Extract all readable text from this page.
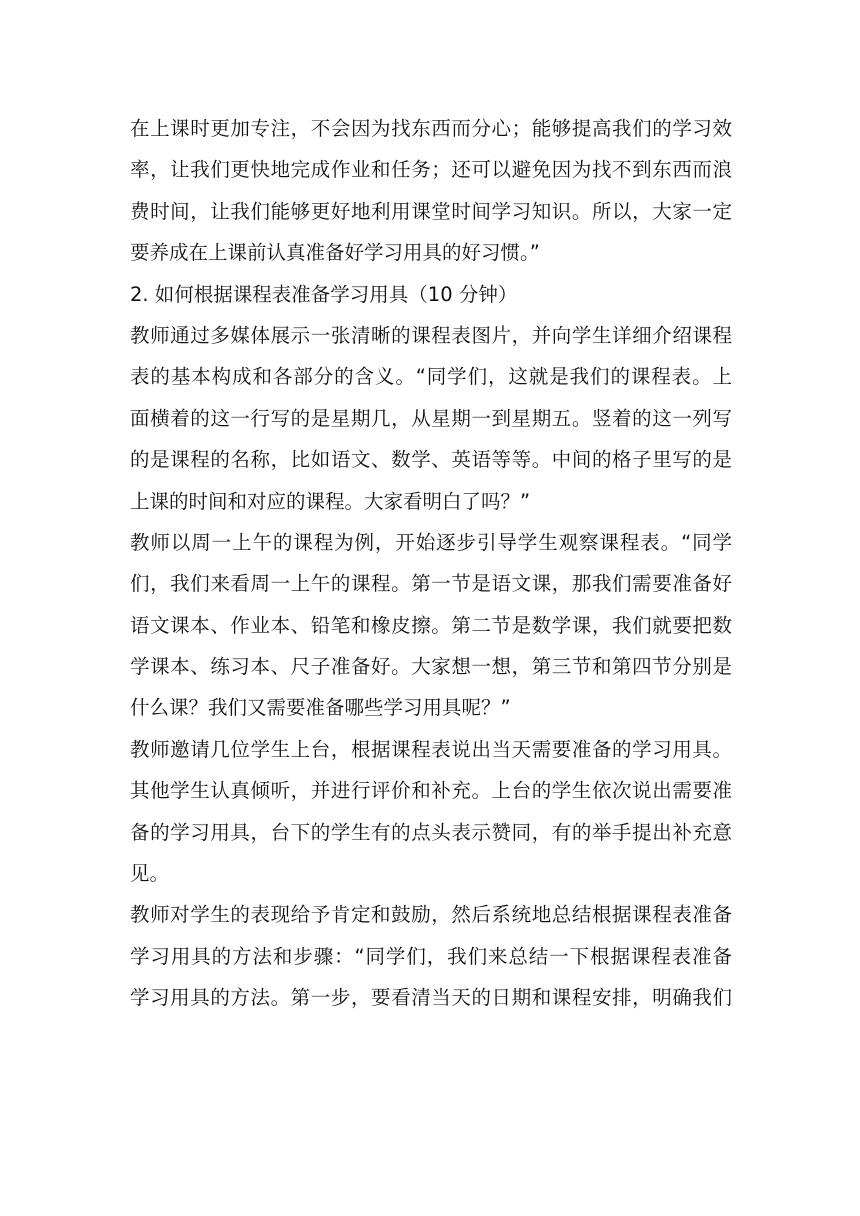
在上课时更加专注，不会因为找东西而分心；能够提高我们的学习效
率，让我们更快地完成作业和任务；还可以避免因为找不到东西而浪
费时间，让我们能够更好地利用课堂时间学习知识。所以，大家一定
要养成在上课前认真准备好学习用具的好习惯。”
2. 如何根据课程表准备学习用具（10 分钟）
教师通过多媒体展示一张清晰的课程表图片，并向学生详细介绍课程
表的基本构成和各部分的含义。“同学们，这就是我们的课程表。上
面横着的这一行写的是星期几，从星期一到星期五。竖着的这一列写
的是课程的名称，比如语文、数学、英语等等。中间的格子里写的是
上课的时间和对应的课程。大家看明白了吗？”
教师以周一上午的课程为例，开始逐步引导学生观察课程表。“同学
们，我们来看周一上午的课程。第一节是语文课，那我们需要准备好
语文课本、作业本、铅笔和橡皮擦。第二节是数学课，我们就要把数
学课本、练习本、尺子准备好。大家想一想，第三节和第四节分别是
什么课？我们又需要准备哪些学习用具呢？”
教师邀请几位学生上台，根据课程表说出当天需要准备的学习用具。
其他学生认真倾听，并进行评价和补充。上台的学生依次说出需要准
备的学习用具，台下的学生有的点头表示赞同，有的举手提出补充意
见。
教师对学生的表现给予肯定和鼓励，然后系统地总结根据课程表准备
学习用具的方法和步骤：“同学们，我们来总结一下根据课程表准备
学习用具的方法。第一步，要看清当天的日期和课程安排，明确我们
